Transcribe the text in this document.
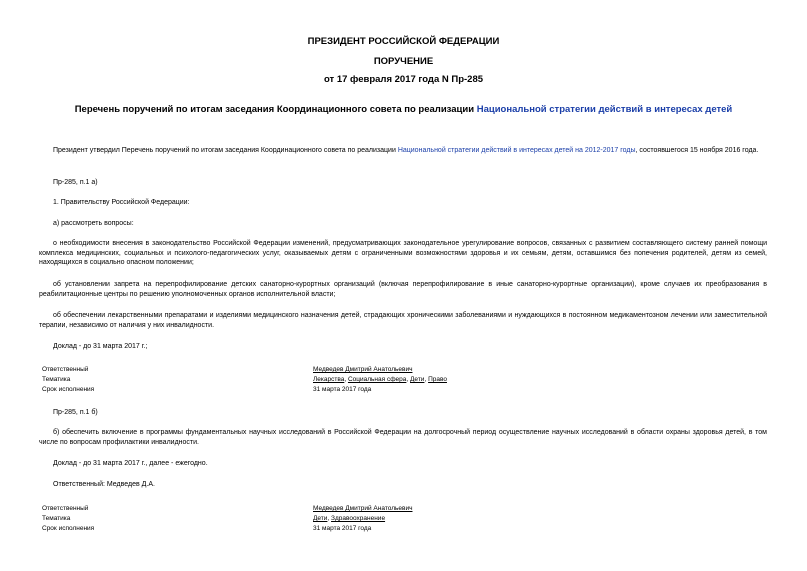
ПРЕЗИДЕНТ РОССИЙСКОЙ ФЕДЕРАЦИИ
ПОРУЧЕНИЕ
от 17 февраля 2017 года N Пр-285
Перечень поручений по итогам заседания Координационного совета по реализации Национальной стратегии действий в интересах детей
Президент утвердил Перечень поручений по итогам заседания Координационного совета по реализации Национальной стратегии действий в интересах детей на 2012-2017 годы, состоявшегося 15 ноября 2016 года.
Пр-285, п.1 а)
1. Правительству Российской Федерации:
а) рассмотреть вопросы:
о необходимости внесения в законодательство Российской Федерации изменений, предусматривающих законодательное урегулирование вопросов, связанных с развитием составляющего систему ранней помощи комплекса медицинских, социальных и психолого-педагогических услуг, оказываемых детям с ограниченными возможностями здоровья и их семьям, детям, оставшимся без попечения родителей, детям из семей, находящихся в социально опасном положении;
об установлении запрета на перепрофилирование детских санаторно-курортных организаций (включая перепрофилирование в иные санаторно-курортные организации), кроме случаев их преобразования в реабилитационные центры по решению уполномоченных органов исполнительной власти;
об обеспечении лекарственными препаратами и изделиями медицинского назначения детей, страдающих хроническими заболеваниями и нуждающихся в постоянном медикаментозном лечении или заместительной терапии, независимо от наличия у них инвалидности.
Доклад - до 31 марта 2017 г.;
Ответственный	Медведев Дмитрий Анатольевич
Тематика	Лекарства, Социальная сфера, Дети, Право
Срок исполнения	31 марта 2017 года
Пр-285, п.1 б)
б) обеспечить включение в программы фундаментальных научных исследований в Российской Федерации на долгосрочный период осуществление научных исследований в области охраны здоровья детей, в том числе по вопросам профилактики инвалидности.
Доклад - до 31 марта 2017 г., далее - ежегодно.
Ответственный: Медведев Д.А.
Ответственный	Медведев Дмитрий Анатольевич
Тематика	Дети, Здравоохранение
Срок исполнения	31 марта 2017 года
